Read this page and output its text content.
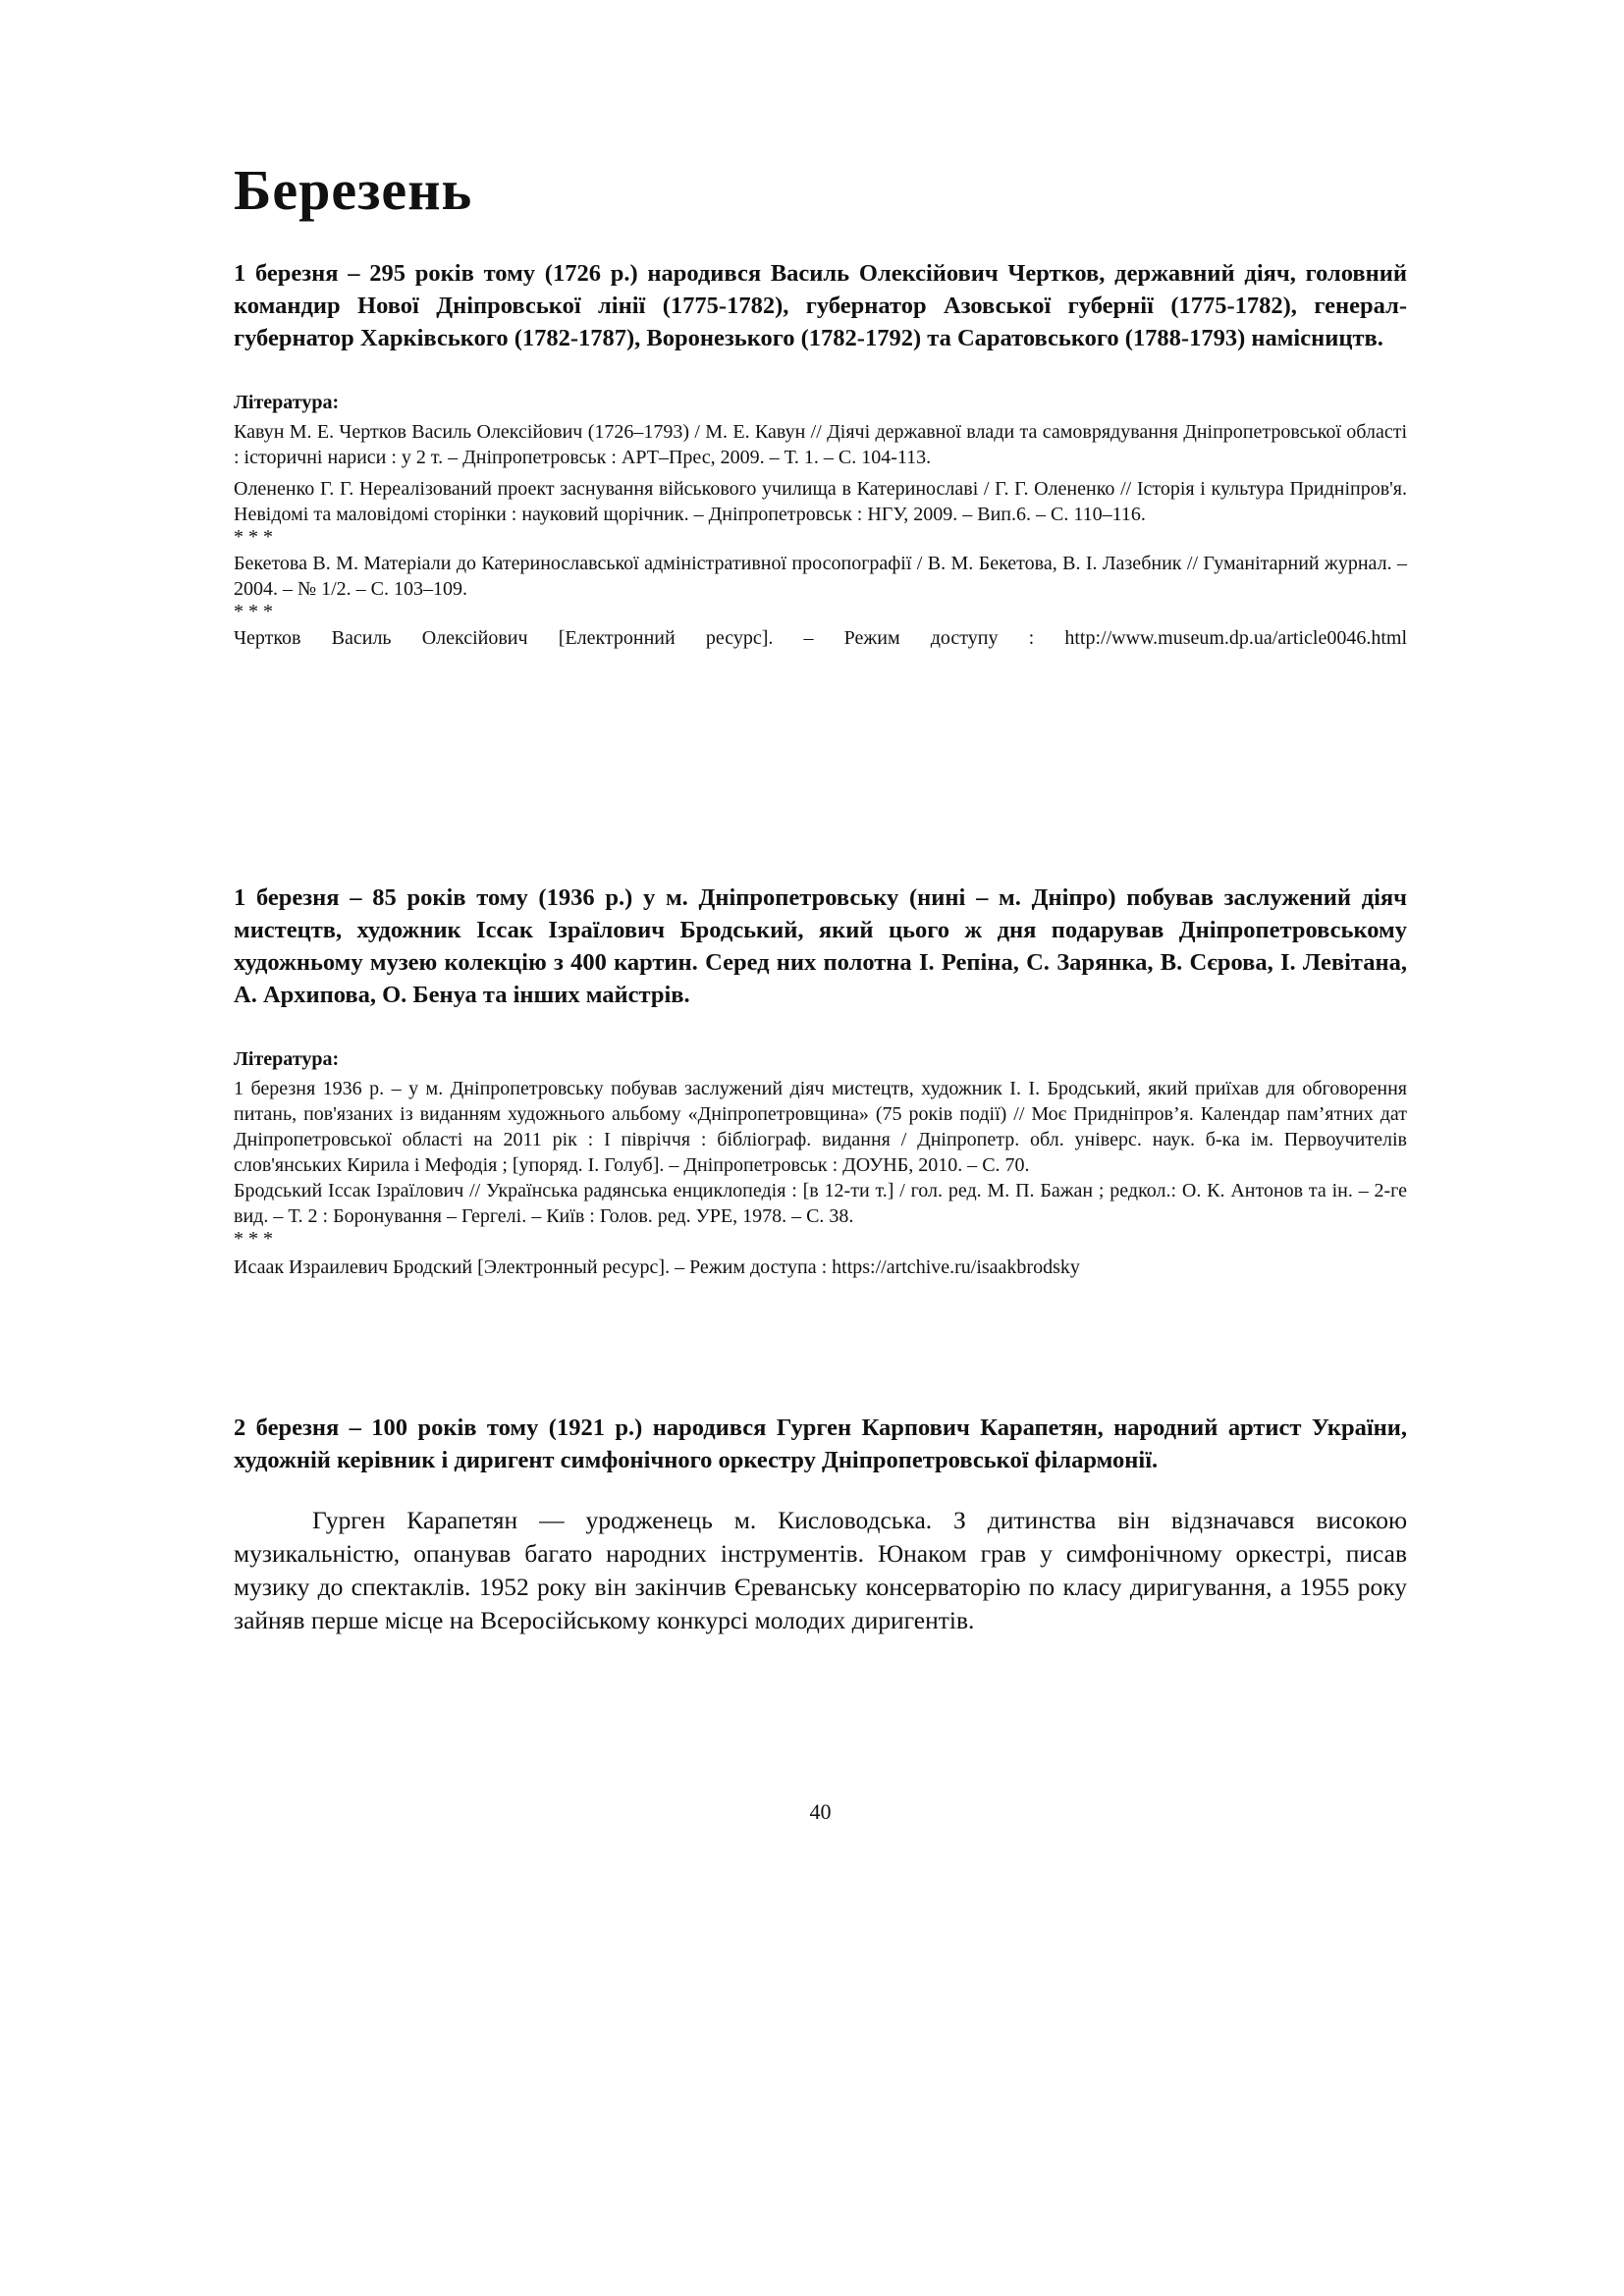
Березень

1 березня – 295 років тому (1726 р.) народився Василь Олексійович Чертков, державний діяч, головний командир Нової Дніпровської лінії (1775-1782), губернатор Азовської губернії (1775-1782), генерал-губернатор Харківського (1782-1787), Воронезького (1782-1792) та Саратовського (1788-1793) намісництв.

Література:

Кавун М. Е. Чертков Василь Олексійович (1726–1793) / М. Е. Кавун // Діячі державної влади та самоврядування Дніпропетровської області : історичні нариси : у 2 т. – Дніпропетровськ : АРТ–Прес, 2009. – Т. 1. – С. 104-113.

Олененко Г. Г. Нереалізований проект заснування військового училища в Катеринославі / Г. Г. Олененко // Історія і культура Придніпров'я. Невідомі та маловідомі сторінки : науковий щорічник. – Дніпропетровськ : НГУ, 2009. – Вип.6. – С. 110–116.

* * *

Бекетова В. М. Матеріали до Катеринославської адміністративної просопографії / В. М. Бекетова, В. І. Лазебник // Гуманітарний журнал. – 2004. – № 1/2. – С. 103–109.

* * *

Чертков Василь Олексійович [Електронний ресурс]. – Режим доступу : http://www.museum.dp.ua/article0046.html

1 березня – 85 років тому (1936 р.) у м. Дніпропетровську (нині – м. Дніпро) побував заслужений діяч мистецтв, художник Іссак Ізраїлович Бродський, який цього ж дня подарував Дніпропетровському художньому музею колекцію з 400 картин. Серед них полотна І. Репіна, С. Зарянка, В. Сєрова, І. Левітана, А. Архипова, О. Бенуа та інших майстрів.

Література:

1 березня 1936 р. – у м. Дніпропетровську побував заслужений діяч мистецтв, художник І. І. Бродський, який приїхав для обговорення питань, пов'язаних із виданням художнього альбому «Дніпропетровщина» (75 років події) // Моє Придніпров’я. Календар пам’ятних дат Дніпропетровської області на 2011 рік : І півріччя : бібліограф. видання / Дніпропетр. обл. універс. наук. б-ка ім. Первоучителів слов'янських Кирила і Мефодія ; [упоряд. І. Голуб]. – Дніпропетровськ : ДОУНБ, 2010. – С. 70.

Бродський Іссак Ізраїлович // Українська радянська енциклопедія : [в 12-ти т.] / гол. ред. М. П. Бажан ; редкол.: О. К. Антонов та ін. – 2-ге вид. – Т. 2 : Боронування – Гергелі. – Київ : Голов. ред. УРЕ, 1978. – С. 38.

* * *

Исаак Израилевич Бродский [Электронный ресурс]. – Режим доступа : https://artchive.ru/isaakbrodsky

2 березня – 100 років тому (1921 р.) народився Гурген Карпович Карапетян, народний артист України, художній керівник і диригент симфонічного оркестру Дніпропетровської філармонії.

Гурген Карапетян — уродженець м. Кисловодська. З дитинства він відзначався високою музикальністю, опанував багато народних інструментів. Юнаком грав у симфонічному оркестрі, писав музику до спектаклів. 1952 року він закінчив Єреванську консерваторію по класу диригування, а 1955 року зайняв перше місце на Всеросійському конкурсі молодих диригентів.

40
